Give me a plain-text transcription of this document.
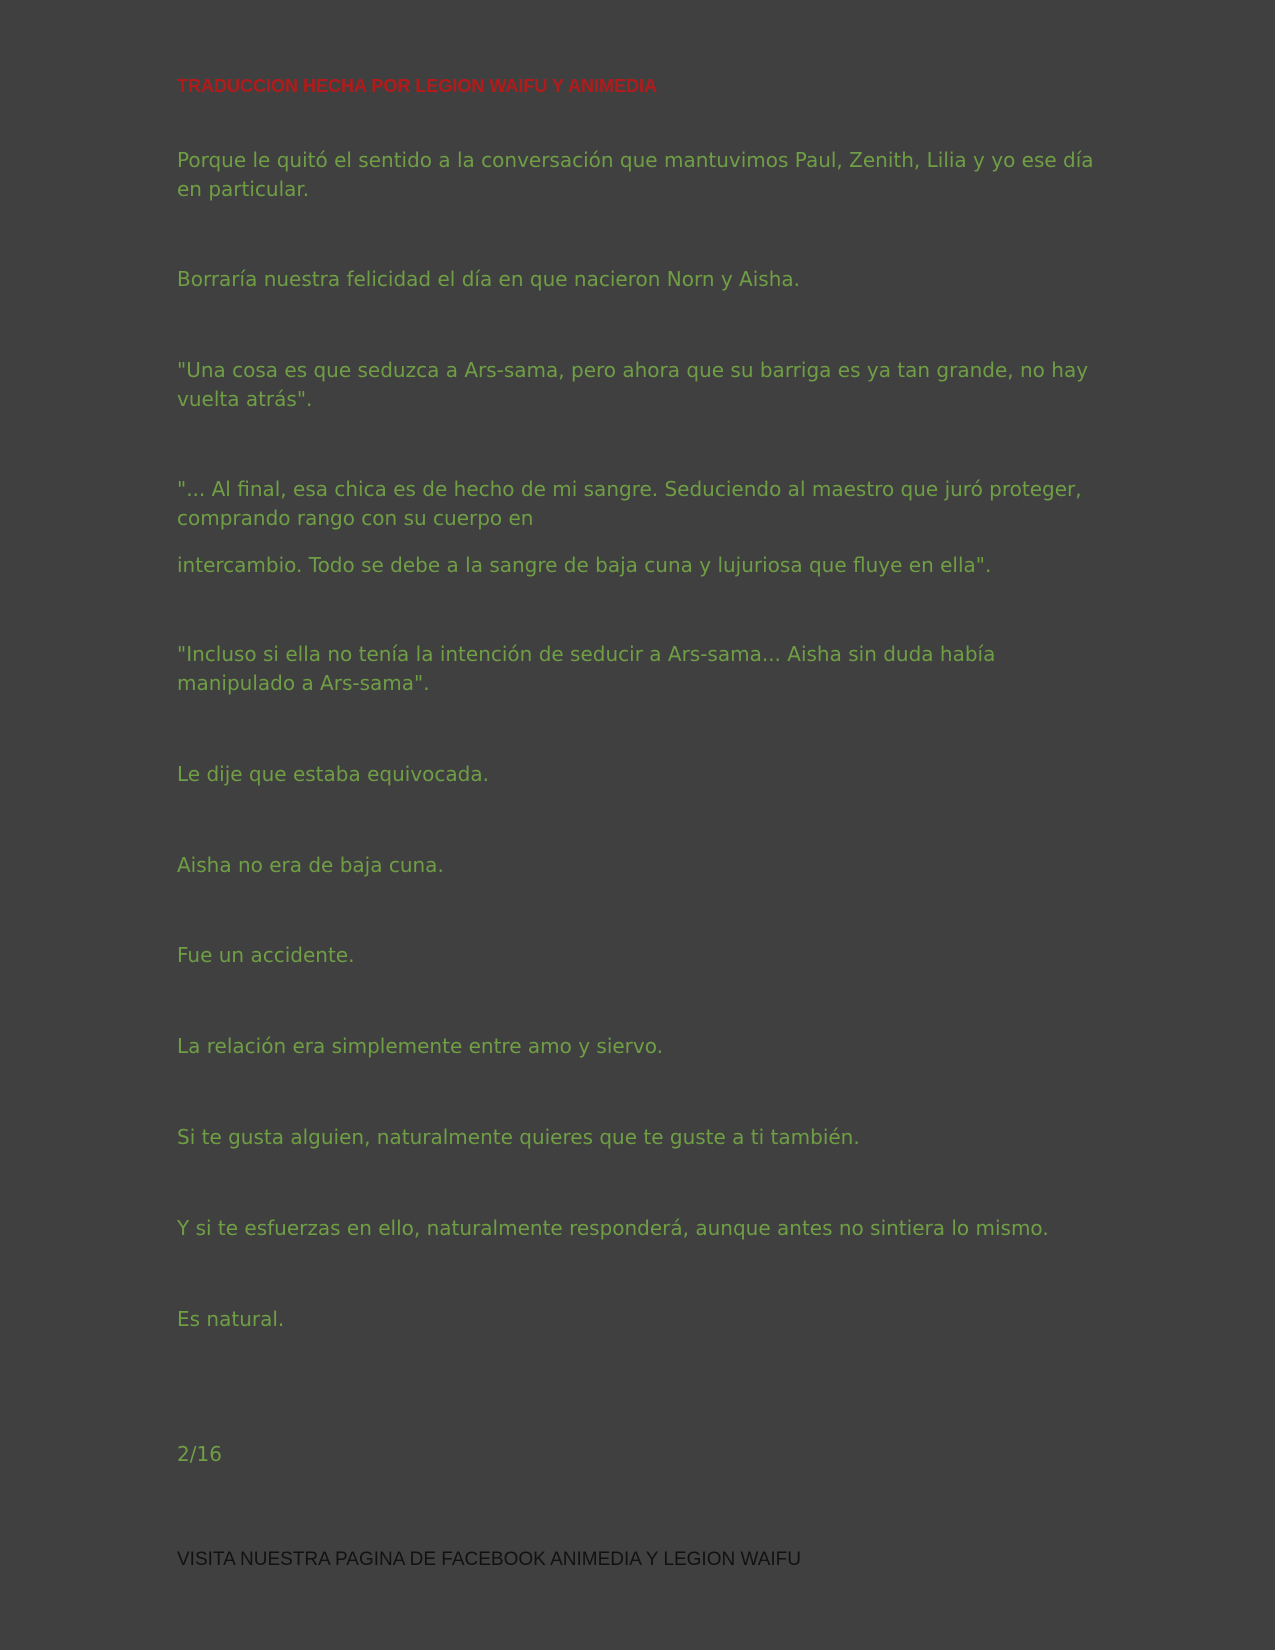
TRADUCCION HECHA POR LEGION WAIFU Y ANIMEDIA

Porque le quitó el sentido a la conversación que mantuvimos Paul, Zenith, Lilia y yo ese día en particular.

Borraría nuestra felicidad el día en que nacieron Norn y Aisha.

"Una cosa es que seduzca a Ars-sama, pero ahora que su barriga es ya tan grande, no hay vuelta atrás".

"... Al final, esa chica es de hecho de mi sangre. Seduciendo al maestro que juró proteger, comprando rango con su cuerpo en

intercambio. Todo se debe a la sangre de baja cuna y lujuriosa que fluye en ella".

"Incluso si ella no tenía la intención de seducir a Ars-sama... Aisha sin duda había manipulado a Ars-sama".

Le dije que estaba equivocada.

Aisha no era de baja cuna.

Fue un accidente.

La relación era simplemente entre amo y siervo.

Si te gusta alguien, naturalmente quieres que te guste a ti también.

Y si te esfuerzas en ello, naturalmente responderá, aunque antes no sintiera lo mismo.

Es natural.

2/16
VISITA NUESTRA PAGINA DE FACEBOOK ANIMEDIA Y LEGION WAIFU
